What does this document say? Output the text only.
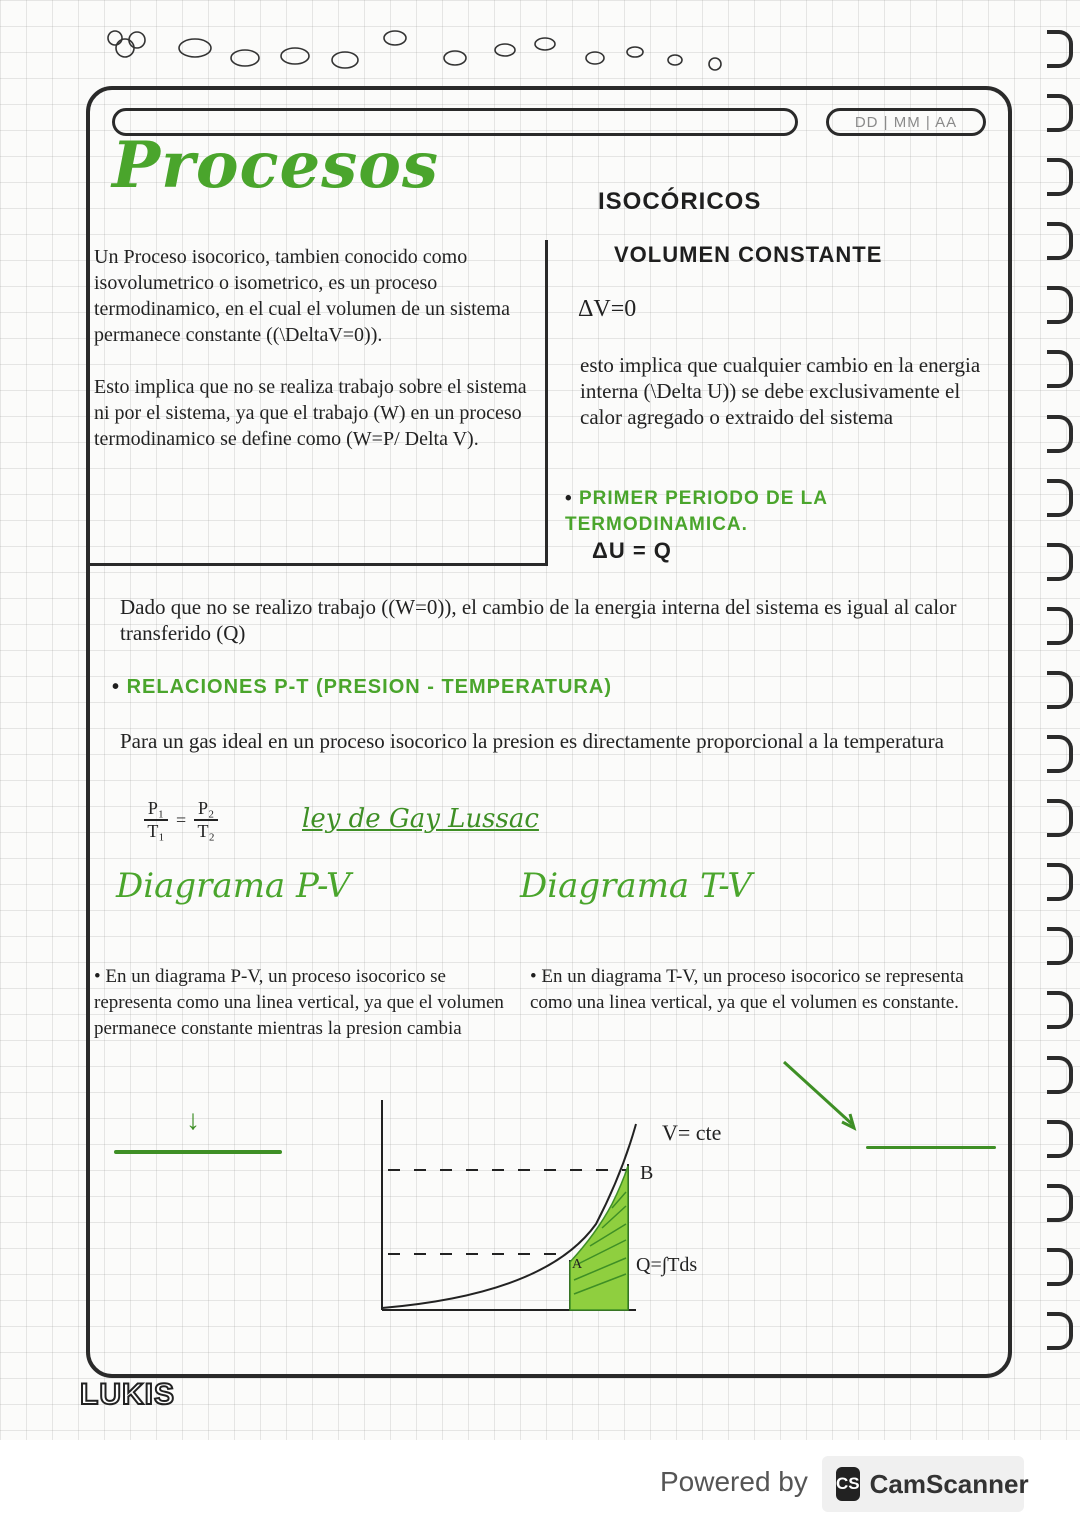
DD | MM | AA
Procesos	ISOCÓRICOS

Un Proceso isocorico, tambien conocido como isovolumetrico o isometrico, es un proceso termodinamico, en el cual el volumen de un sistema permanece constante ((\DeltaV=0)).

Esto implica que no se realiza trabajo sobre el sistema ni por el sistema, ya que el trabajo (W) en un proceso termodinamico se define como (W=P/ Delta V).

VOLUMEN CONSTANTE
ΔV=0

esto implica que cualquier cambio en la energia interna (\Delta U)) se debe exclusivamente el calor agregado o extraido del sistema

• PRIMER PERIODO DE LA TERMODINAMICA.
ΔU = Q

Dado que no se realizo trabajo ((W=0)), el cambio de la energia interna del sistema es igual al calor transferido (Q)

• RELACIONES P-T (PRESION - TEMPERATURA)

Para un gas ideal en un proceso isocorico la presion es directamente proporcional a la temperatura

P₁
T₁
=
P₂
T₂	ley de Gay Lussac
Diagrama P-V	Diagrama T-V

• En un diagrama P-V, un proceso isocorico se representa como una linea vertical, ya que el volumen permanece constante mientras la presion cambia

• En un diagrama T-V, un proceso isocorico se representa como una linea vertical, ya que el volumen es constante.

↓	V= cte
B
A	Q=∫Tds
LUKIS
Powered by CS CamScanner
